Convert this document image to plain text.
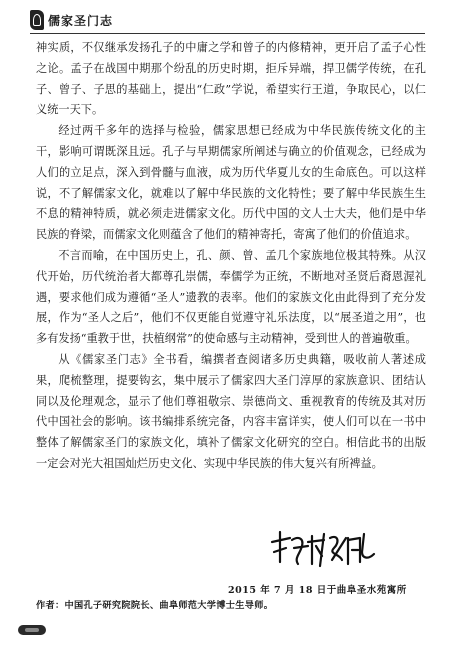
儒家圣门志

神实质，不仅继承发扬孔子的中庸之学和曾子的内修精神，更开启了孟子心性之论。孟子在战国中期那个纷乱的历史时期，拒斥异端，捍卫儒学传统，在孔子、曾子、子思的基础上，提出“仁政”学说，希望实行王道，争取民心，以仁义统一天下。

经过两千多年的选择与检验，儒家思想已经成为中华民族传统文化的主干，影响可谓既深且远。孔子与早期儒家所阐述与确立的价值观念，已经成为人们的立足点，深入到骨髓与血液，成为历代华夏儿女的生命底色。可以这样说，不了解儒家文化，就难以了解中华民族的文化特性；要了解中华民族生生不息的精神特质，就必须走进儒家文化。历代中国的文人士大夫，他们是中华民族的脊梁，而儒家文化则蕴含了他们的精神寄托，寄寓了他们的价值追求。

不言而喻，在中国历史上，孔、颜、曾、孟几个家族地位极其特殊。从汉代开始，历代统治者大都尊孔崇儒，奉儒学为正统，不断地对圣贤后裔恩渥礼遇，要求他们成为遵循“圣人”遗教的表率。他们的家族文化由此得到了充分发展，作为“圣人之后”，他们不仅更能自觉遵守礼乐法度，以“展圣道之用”，也多有发扬“重教于世，扶植纲常”的使命感与主动精神，受到世人的普遍敬重。

从《儒家圣门志》全书看，编撰者查阅诸多历史典籍，吸收前人著述成果，爬梳整理，提要钩玄，集中展示了儒家四大圣门淳厚的家族意识、团结认同以及伦理观念，显示了他们尊祖敬宗、崇德尚文、重视教育的传统及其对历代中国社会的影响。该书编排系统完备，内容丰富详实，使人们可以在一书中整体了解儒家圣门的家族文化，填补了儒家文化研究的空白。相信此书的出版一定会对光大祖国灿烂历史文化、实现中华民族的伟大复兴有所裨益。

2015 年 7 月 18 日于曲阜圣水苑寓所
作者：中国孔子研究院院长、曲阜师范大学博士生导师。
